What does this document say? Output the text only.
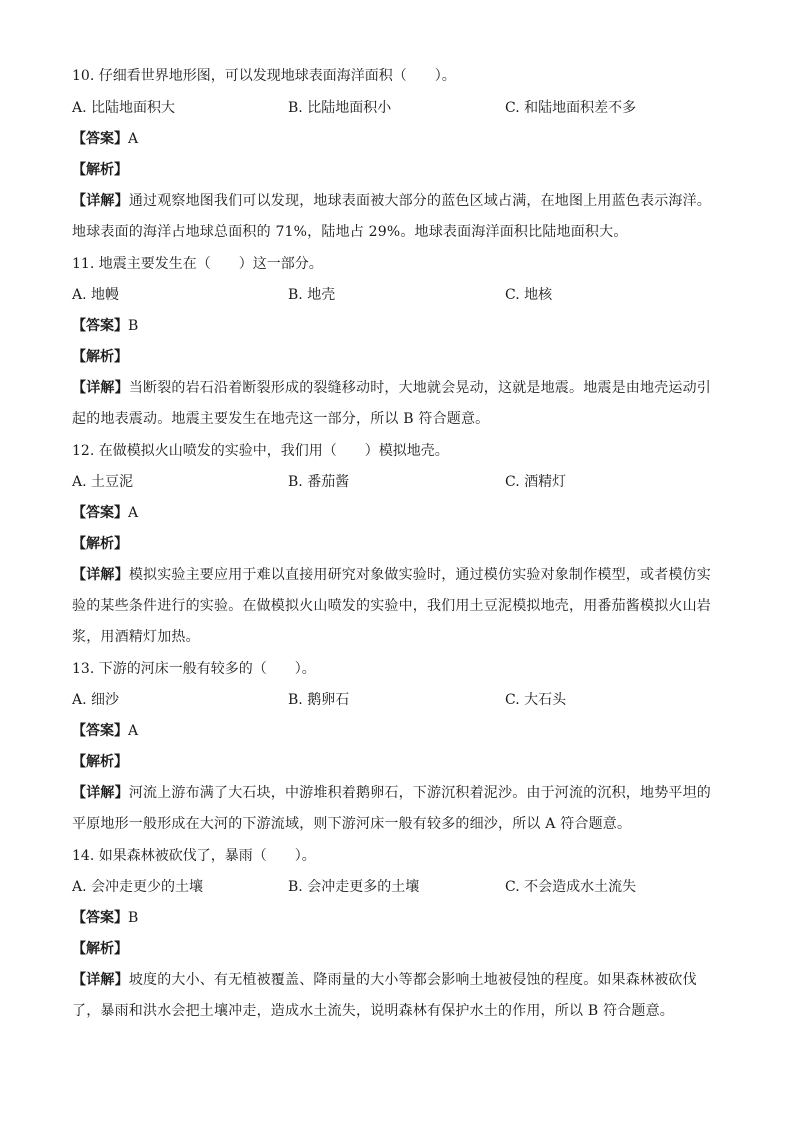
10. 仔细看世界地形图，可以发现地球表面海洋面积（　　）。
A. 比陆地面积大	B. 比陆地面积小	C. 和陆地面积差不多
【答案】A
【解析】
【详解】通过观察地图我们可以发现，地球表面被大部分的蓝色区域占满，在地图上用蓝色表示海洋。地球表面的海洋占地球总面积的 71%，陆地占 29%。地球表面海洋面积比陆地面积大。
11. 地震主要发生在（　　）这一部分。
A. 地幔	B. 地壳	C. 地核
【答案】B
【解析】
【详解】当断裂的岩石沿着断裂形成的裂缝移动时，大地就会晃动，这就是地震。地震是由地壳运动引起的地表震动。地震主要发生在地壳这一部分，所以 B 符合题意。
12. 在做模拟火山喷发的实验中，我们用（　　）模拟地壳。
A. 土豆泥	B. 番茄酱	C. 酒精灯
【答案】A
【解析】
【详解】模拟实验主要应用于难以直接用研究对象做实验时，通过模仿实验对象制作模型，或者模仿实验的某些条件进行的实验。在做模拟火山喷发的实验中，我们用土豆泥模拟地壳，用番茄酱模拟火山岩浆，用酒精灯加热。
13. 下游的河床一般有较多的（　　）。
A. 细沙	B. 鹅卵石	C. 大石头
【答案】A
【解析】
【详解】河流上游布满了大石块，中游堆积着鹅卵石，下游沉积着泥沙。由于河流的沉积，地势平坦的平原地形一般形成在大河的下游流域，则下游河床一般有较多的细沙，所以 A 符合题意。
14. 如果森林被砍伐了，暴雨（　　）。
A. 会冲走更少的土壤	B. 会冲走更多的土壤	C. 不会造成水土流失
【答案】B
【解析】
【详解】坡度的大小、有无植被覆盖、降雨量的大小等都会影响土地被侵蚀的程度。如果森林被砍伐了，暴雨和洪水会把土壤冲走，造成水土流失，说明森林有保护水土的作用，所以 B 符合题意。
